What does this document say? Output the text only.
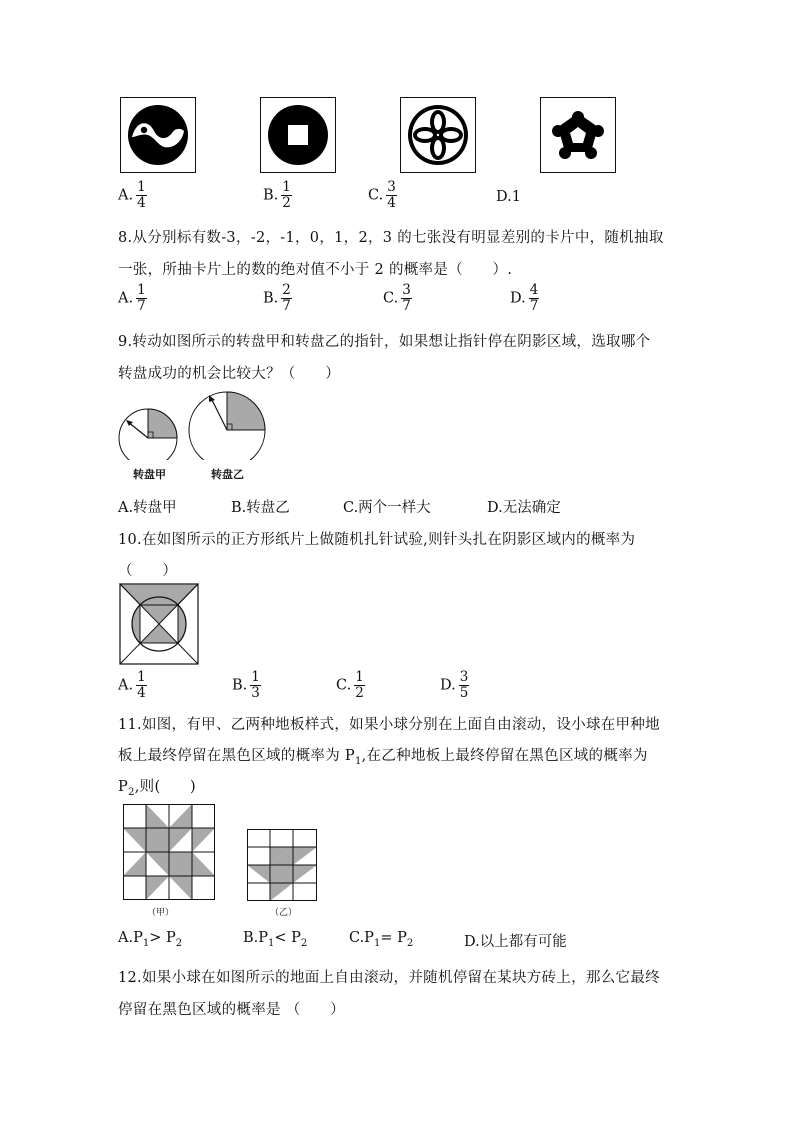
A. $\frac{1}{4}$	B. $\frac{1}{2}$	C. $\frac{3}{4}$	D.1
8.从分别标有数-3，-2，-1，0，1，2，3 的七张没有明显差别的卡片中，随机抽取
一张，所抽卡片上的数的绝对值不小于 2 的概率是（　　）.
A. $\frac{1}{7}$	B. $\frac{2}{7}$	C. $\frac{3}{7}$	D. $\frac{4}{7}$
9.转动如图所示的转盘甲和转盘乙的指针，如果想让指针停在阴影区域，选取哪个
转盘成功的机会比较大？（　　）
转盘甲	转盘乙
A.转盘甲	B.转盘乙	C.两个一样大	D.无法确定
10.在如图所示的正方形纸片上做随机扎针试验,则针头扎在阴影区域内的概率为
（　　）
A. $\frac{1}{4}$	B. $\frac{1}{3}$	C. $\frac{1}{2}$	D. $\frac{3}{5}$
11.如图，有甲、乙两种地板样式，如果小球分别在上面自由滚动，设小球在甲种地
板上最终停留在黑色区域的概率为 $P_1$,在乙种地板上最终停留在黑色区域的概率为
$P_2$,则(　　)
（甲）	（乙）
$A.P_1> P_2$	$B.P_1< P_2$	$C.P_1= P_2$	D.以上都有可能
12.如果小球在如图所示的地面上自由滚动，并随机停留在某块方砖上，那么它最终
停留在黑色区域的概率是 （　　）
